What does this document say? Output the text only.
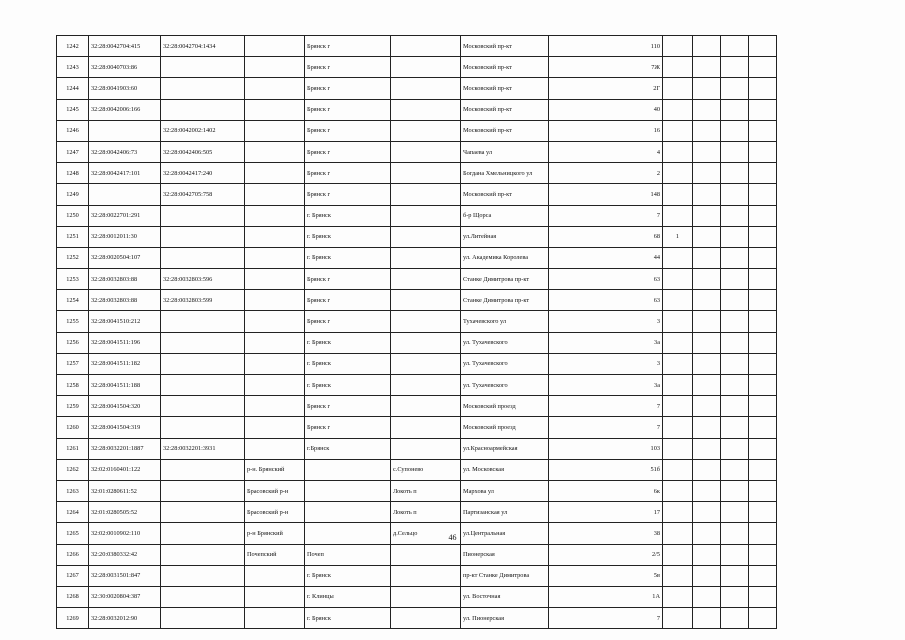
1242	32:28:0042704:415	32:28:0042704:1434		Брянск г		Московский пр-кт	110				
1243	32:28:0040703:86			Брянск г		Московский пр-кт	7Ж				
1244	32:28:0041903:60			Брянск г		Московский пр-кт	2Г				
1245	32:28:0042006:166			Брянск г		Московский пр-кт	40				
1246		32:28:0042002:1402		Брянск г		Московский пр-кт	16				
1247	32:28:0042406:73	32:28:0042406:505		Брянск г		Чапаева ул	4				
1248	32:28:0042417:101	32:28:0042417:240		Брянск г		Богдана Хмельницкого ул	2				
1249		32:28:0042705:758		Брянск г		Московский пр-кт	148				
1250	32:28:0022701:291			г. Брянск		б-р Щорса	7				
1251	32:28:0012011:30			г. Брянск		ул.Литейная	68	1			
1252	32:28:0020504:107			г. Брянск		ул. Академика Королева	44				
1253	32:28:0032803:88	32:28:0032803:596		Брянск г		Станке Димитрова пр-кт	63				
1254	32:28:0032803:88	32:28:0032803:599		Брянск г		Станке Димитрова пр-кт	63				
1255	32:28:0041510:212			Брянск г		Тухачевского ул	3				
1256	32:28:0041511:196			г. Брянск		ул. Тухачевского	3а				
1257	32:28:0041511:182			г. Брянск		ул. Тухачевского	3				
1258	32:28:0041511:188			г. Брянск		ул. Тухачевского	3а				
1259	32:28:0041504:320			Брянск г		Московский проезд	7				
1260	32:28:0041504:319			Брянск г		Московский проезд	7				
1261	32:28:0032201:1887	32:28:0032201:3931		г.Брянск		ул.Красноармейская	103				
1262	32:02:0160401:122		р-н. Брянский		с.Супонево	ул. Московская	51б				
1263	32:01:0280611:52		Брасовский р-н		Локоть п	Мархова ул	6к				
1264	32:01:0280505:52		Брасовский р-н		Локоть п	Партизанская ул	17				
1265	32:02:0010902:110		р-н Брянский		д.Сельцо	ул.Центральная	38				
1266	32:20:0380332:42		Почепский	Почеп		Пионерская	2/5				
1267	32:28:0031501:847			г. Брянск		пр-кт Станке Димитрова	5в				
1268	32:30:0020804:387			г. Клинцы		ул. Восточная	1А				
1269	32:28:0032012:90			г. Брянск		ул. Пионерская	7				
46
